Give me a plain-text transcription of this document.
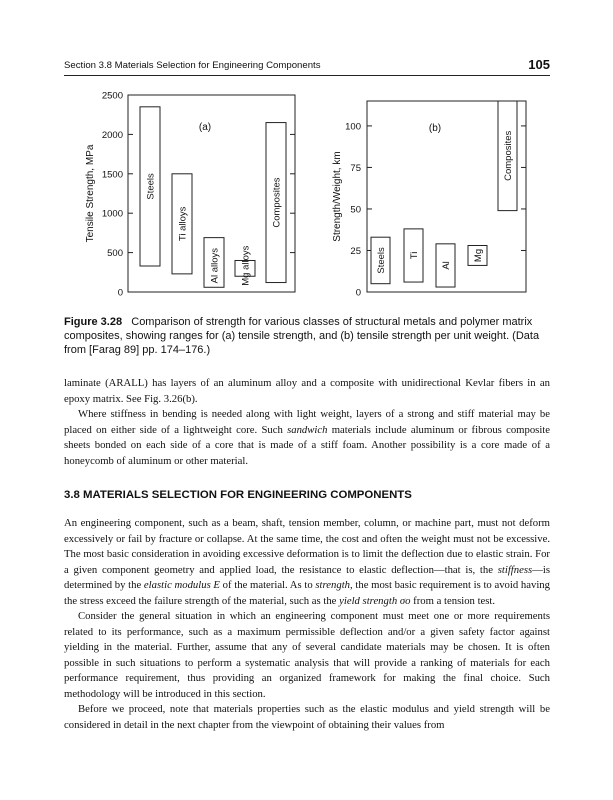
Section 3.8 Materials Selection for Engineering Components	105
0
500
1000
1500
2000
2500
Tensile Strength, MPa
(a)
Steels
Ti alloys
Al alloys Mg alloys
Composites
0
25
50
75
100
Strength/Weight, km
(b)
Steels Ti
Al
Mg
Composites
Figure 3.28 Comparison of strength for various classes of structural metals and polymer matrix composites, showing ranges for (a) tensile strength, and (b) tensile strength per unit weight. (Data from [Farag 89] pp. 174–176.)

laminate (ARALL) has layers of an aluminum alloy and a composite with unidirectional Kevlar fibers in an epoxy matrix. See Fig. 3.26(b).

Where stiffness in bending is needed along with light weight, layers of a strong and stiff material may be placed on either side of a lightweight core. Such sandwich materials include aluminum or fibrous composite sheets bonded on each side of a core that is made of a stiff foam. Another possibility is a core made of a honeycomb of aluminum or other material.

3.8 MATERIALS SELECTION FOR ENGINEERING COMPONENTS

An engineering component, such as a beam, shaft, tension member, column, or machine part, must not deform excessively or fail by fracture or collapse. At the same time, the cost and often the weight must not be excessive. The most basic consideration in avoiding excessive deformation is to limit the deflection due to elastic strain. For a given component geometry and applied load, the resistance to elastic deflection—that is, the stiffness—is determined by the elastic modulus E of the material. As to strength, the most basic requirement is to avoid having the stress exceed the failure strength of the material, such as the yield strength σo from a tension test.

Consider the general situation in which an engineering component must meet one or more requirements related to its performance, such as a maximum permissible deflection and/or a given safety factor against yielding in the material. Further, assume that any of several candidate materials may be chosen. It is often possible in such situations to perform a systematic analysis that will provide a ranking of materials for each performance requirement, thus providing an organized framework for making the final choice. Such methodology will be introduced in this section.

Before we proceed, note that materials properties such as the elastic modulus and yield strength will be considered in detail in the next chapter from the viewpoint of obtaining their values from
